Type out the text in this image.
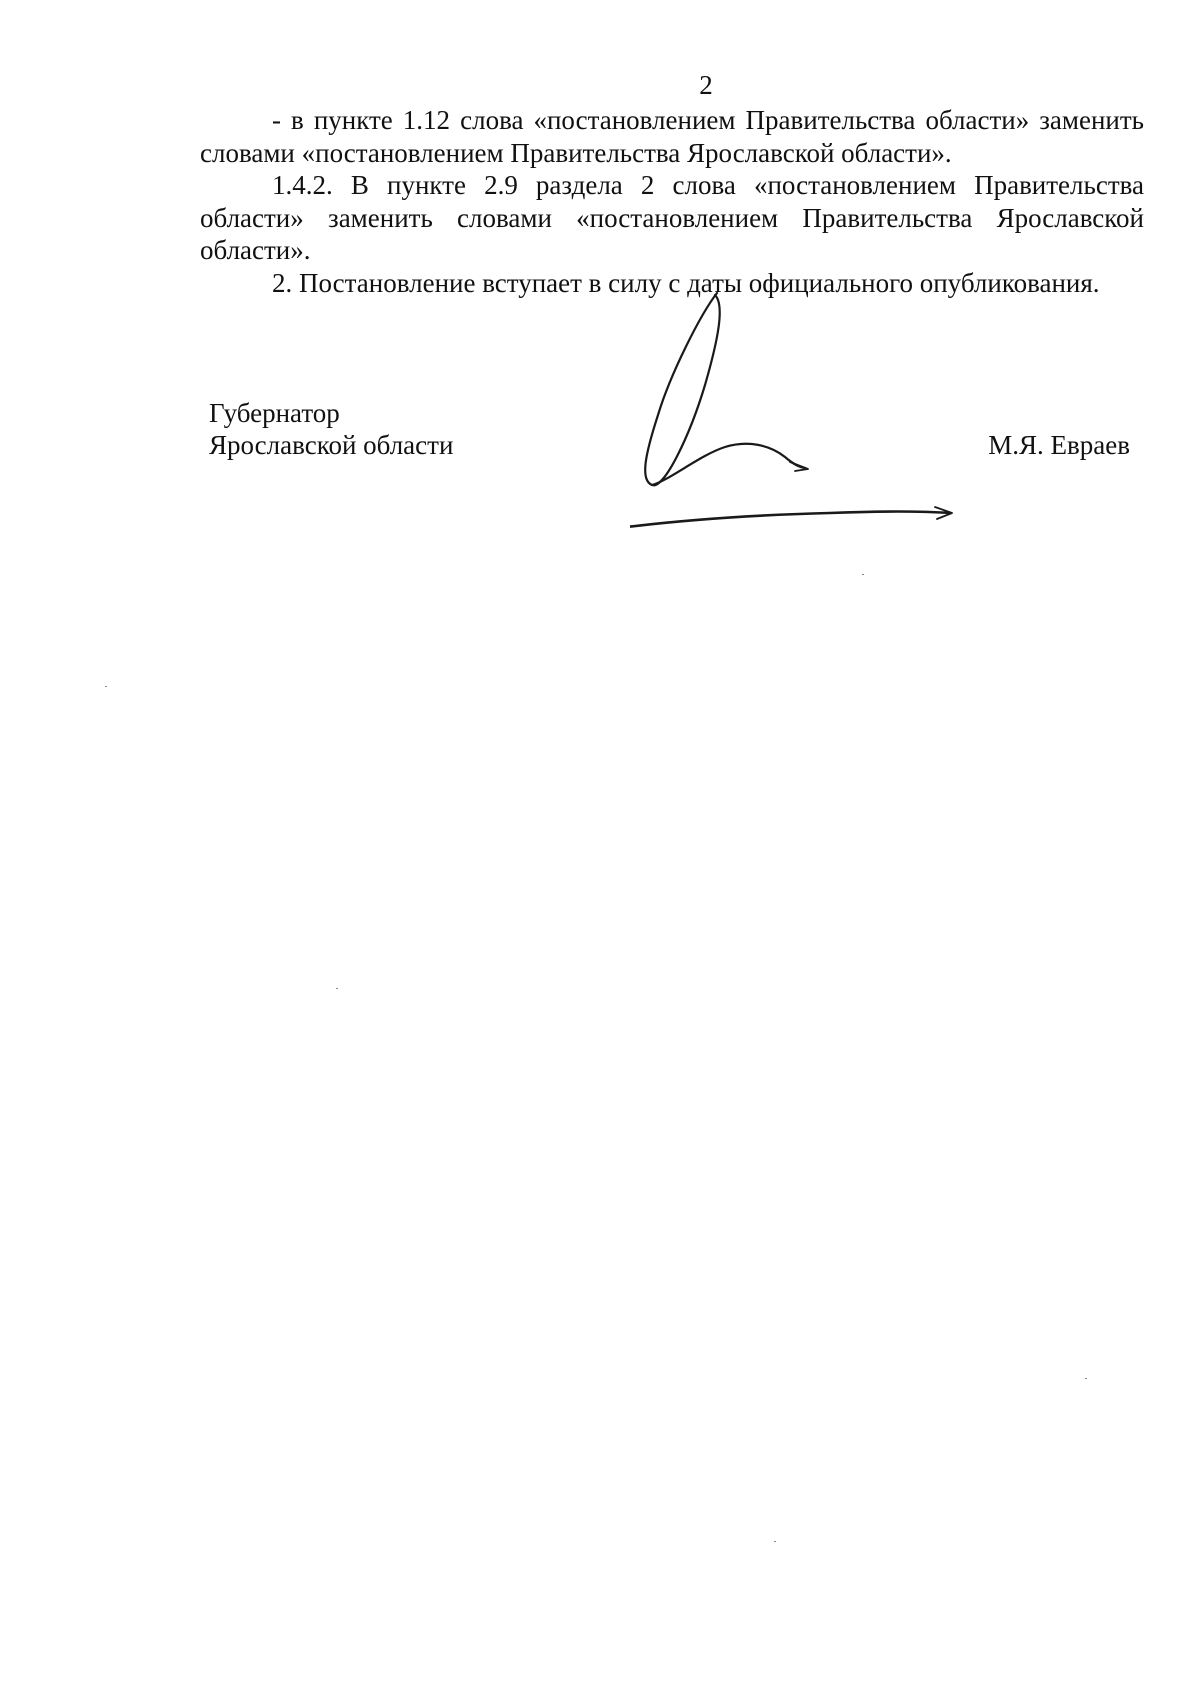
2

- в пункте 1.12 слова «постановлением Правительства области» заменить словами «постановлением Правительства Ярославской области».

1.4.2. В пункте 2.9 раздела 2 слова «постановлением Правительства области» заменить словами «постановлением Правительства Ярославской области».

2. Постановление вступает в силу с даты официального опубликования.

Губернатор
Ярославской области	М.Я. Евраев
